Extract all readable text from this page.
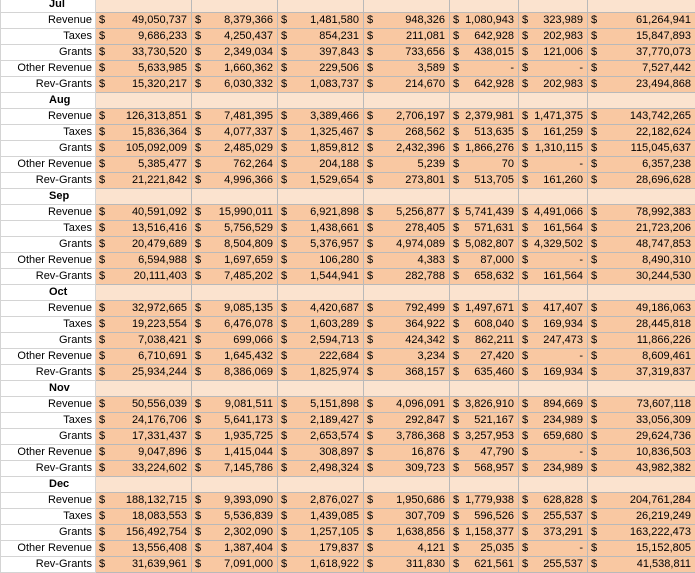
Jul														
Revenue	$	49,050,737	$	8,379,366	$	1,481,580	$	948,326	$	1,080,943	$	323,989	$	61,264,941
Taxes	$	9,686,233	$	4,250,437	$	854,231	$	211,081	$	642,928	$	202,983	$	15,847,893
Grants	$	33,730,520	$	2,349,034	$	397,843	$	733,656	$	438,015	$	121,006	$	37,770,073
Other Revenue	$	5,633,985	$	1,660,362	$	229,506	$	3,589	$	-	$	-	$	7,527,442
Rev-Grants	$	15,320,217	$	6,030,332	$	1,083,737	$	214,670	$	642,928	$	202,983	$	23,494,868
Aug														
Revenue	$	126,313,851	$	7,481,395	$	3,389,466	$	2,706,197	$	2,379,981	$	1,471,375	$	143,742,265
Taxes	$	15,836,364	$	4,077,337	$	1,325,467	$	268,562	$	513,635	$	161,259	$	22,182,624
Grants	$	105,092,009	$	2,485,029	$	1,859,812	$	2,432,396	$	1,866,276	$	1,310,115	$	115,045,637
Other Revenue	$	5,385,477	$	762,264	$	204,188	$	5,239	$	70	$	-	$	6,357,238
Rev-Grants	$	21,221,842	$	4,996,366	$	1,529,654	$	273,801	$	513,705	$	161,260	$	28,696,628
Sep														
Revenue	$	40,591,092	$	15,990,011	$	6,921,898	$	5,256,877	$	5,741,439	$	4,491,066	$	78,992,383
Taxes	$	13,516,416	$	5,756,529	$	1,438,661	$	278,405	$	571,631	$	161,564	$	21,723,206
Grants	$	20,479,689	$	8,504,809	$	5,376,957	$	4,974,089	$	5,082,807	$	4,329,502	$	48,747,853
Other Revenue	$	6,594,988	$	1,697,659	$	106,280	$	4,383	$	87,000	$	-	$	8,490,310
Rev-Grants	$	20,111,403	$	7,485,202	$	1,544,941	$	282,788	$	658,632	$	161,564	$	30,244,530
Oct														
Revenue	$	32,972,665	$	9,085,135	$	4,420,687	$	792,499	$	1,497,671	$	417,407	$	49,186,063
Taxes	$	19,223,554	$	6,476,078	$	1,603,289	$	364,922	$	608,040	$	169,934	$	28,445,818
Grants	$	7,038,421	$	699,066	$	2,594,713	$	424,342	$	862,211	$	247,473	$	11,866,226
Other Revenue	$	6,710,691	$	1,645,432	$	222,684	$	3,234	$	27,420	$	-	$	8,609,461
Rev-Grants	$	25,934,244	$	8,386,069	$	1,825,974	$	368,157	$	635,460	$	169,934	$	37,319,837
Nov														
Revenue	$	50,556,039	$	9,081,511	$	5,151,898	$	4,096,091	$	3,826,910	$	894,669	$	73,607,118
Taxes	$	24,176,706	$	5,641,173	$	2,189,427	$	292,847	$	521,167	$	234,989	$	33,056,309
Grants	$	17,331,437	$	1,935,725	$	2,653,574	$	3,786,368	$	3,257,953	$	659,680	$	29,624,736
Other Revenue	$	9,047,896	$	1,415,044	$	308,897	$	16,876	$	47,790	$	-	$	10,836,503
Rev-Grants	$	33,224,602	$	7,145,786	$	2,498,324	$	309,723	$	568,957	$	234,989	$	43,982,382
Dec														
Revenue	$	188,132,715	$	9,393,090	$	2,876,027	$	1,950,686	$	1,779,938	$	628,828	$	204,761,284
Taxes	$	18,083,553	$	5,536,839	$	1,439,085	$	307,709	$	596,526	$	255,537	$	26,219,249
Grants	$	156,492,754	$	2,302,090	$	1,257,105	$	1,638,856	$	1,158,377	$	373,291	$	163,222,473
Other Revenue	$	13,556,408	$	1,387,404	$	179,837	$	4,121	$	25,035	$	-	$	15,152,805
Rev-Grants	$	31,639,961	$	7,091,000	$	1,618,922	$	311,830	$	621,561	$	255,537	$	41,538,811
